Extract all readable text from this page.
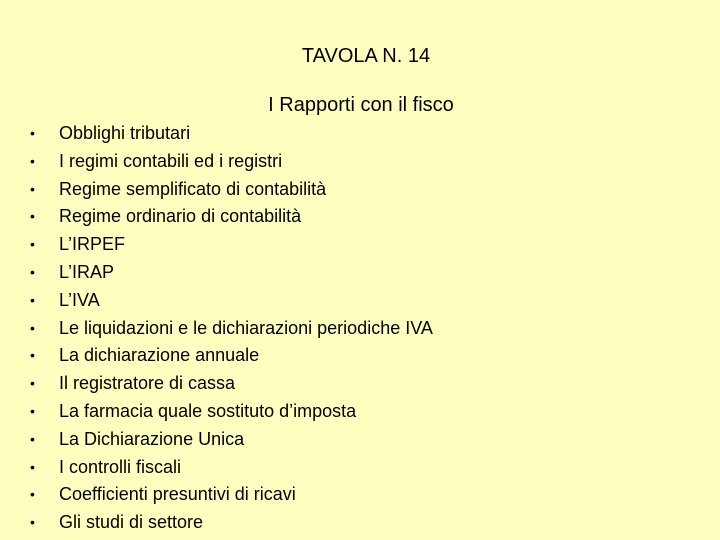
TAVOLA N. 14
I Rapporti con il fisco
• Obblighi tributari
• I regimi contabili ed i registri
• Regime semplificato di contabilità
• Regime ordinario di contabilità
• L’IRPEF
• L’IRAP
• L’IVA
• Le liquidazioni e le dichiarazioni periodiche IVA
• La dichiarazione annuale
• Il registratore di cassa
• La farmacia quale sostituto d’imposta
• La Dichiarazione Unica
• I controlli fiscali
• Coefficienti presuntivi di ricavi
• Gli studi di settore
